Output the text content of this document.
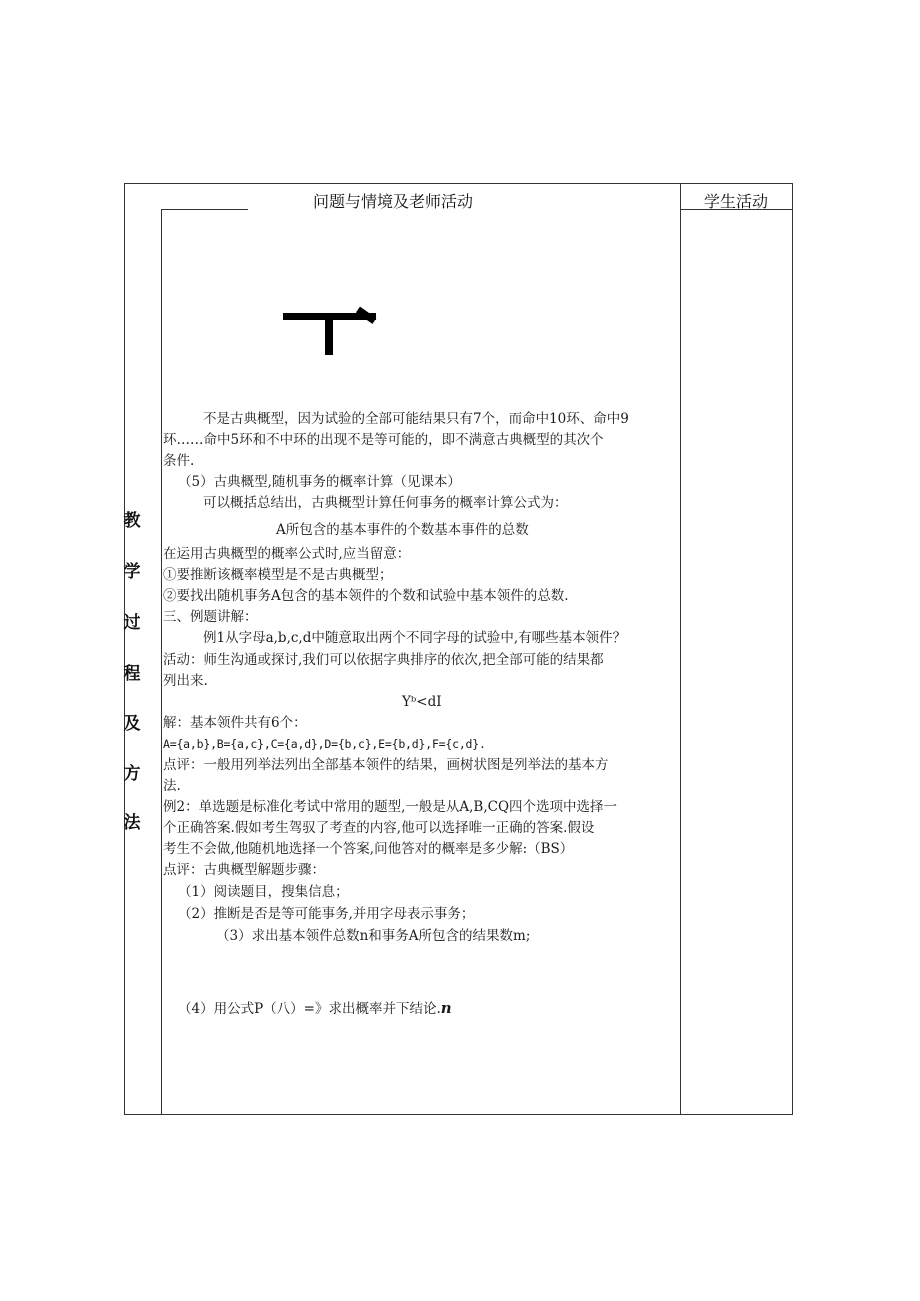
问题与情境及老师活动	学生活动
教
学
过
程
及
方
法
不是古典概型，因为试验的全部可能结果只有7个，而命中10环、命中9
环……命中5环和不中环的出现不是等可能的，即不满意古典概型的其次个
条件.
（5）古典概型,随机事务的概率计算（见课本）
可以概括总结出，古典概型计算任何事务的概率计算公式为：
A所包含的基本事件的个数基本事件的总数
在运用古典概型的概率公式时,应当留意：
①要推断该概率模型是不是古典概型；
②要找出随机事务A包含的基本领件的个数和试验中基本领件的总数.
三、例题讲解：
例1从字母a,b,c,d中随意取出两个不同字母的试验中,有哪些基本领件？
活动：师生沟通或探讨,我们可以依据字典排序的依次,把全部可能的结果都
列出来.
Yᵇ<dI
解：基本领件共有6个：
A={a,b},B={a,c},C={a,d},D={b,c},E={b,d},F={c,d}.
点评：一般用列举法列出全部基本领件的结果，画树状图是列举法的基本方
法.
例2：单选题是标准化考试中常用的题型,一般是从A,B,CQ四个选项中选择一
个正确答案.假如考生驾驭了考查的内容,他可以选择唯一正确的答案.假设
考生不会做,他随机地选择一个答案,问他答对的概率是多少解:（BS）
点评：古典概型解题步骤：
（1）阅读题目，搜集信息；
（2）推断是否是等可能事务,并用字母表示事务；
（3）求出基本领件总数n和事务A所包含的结果数m;
（4）用公式P（八）=》求出概率并下结论.n
